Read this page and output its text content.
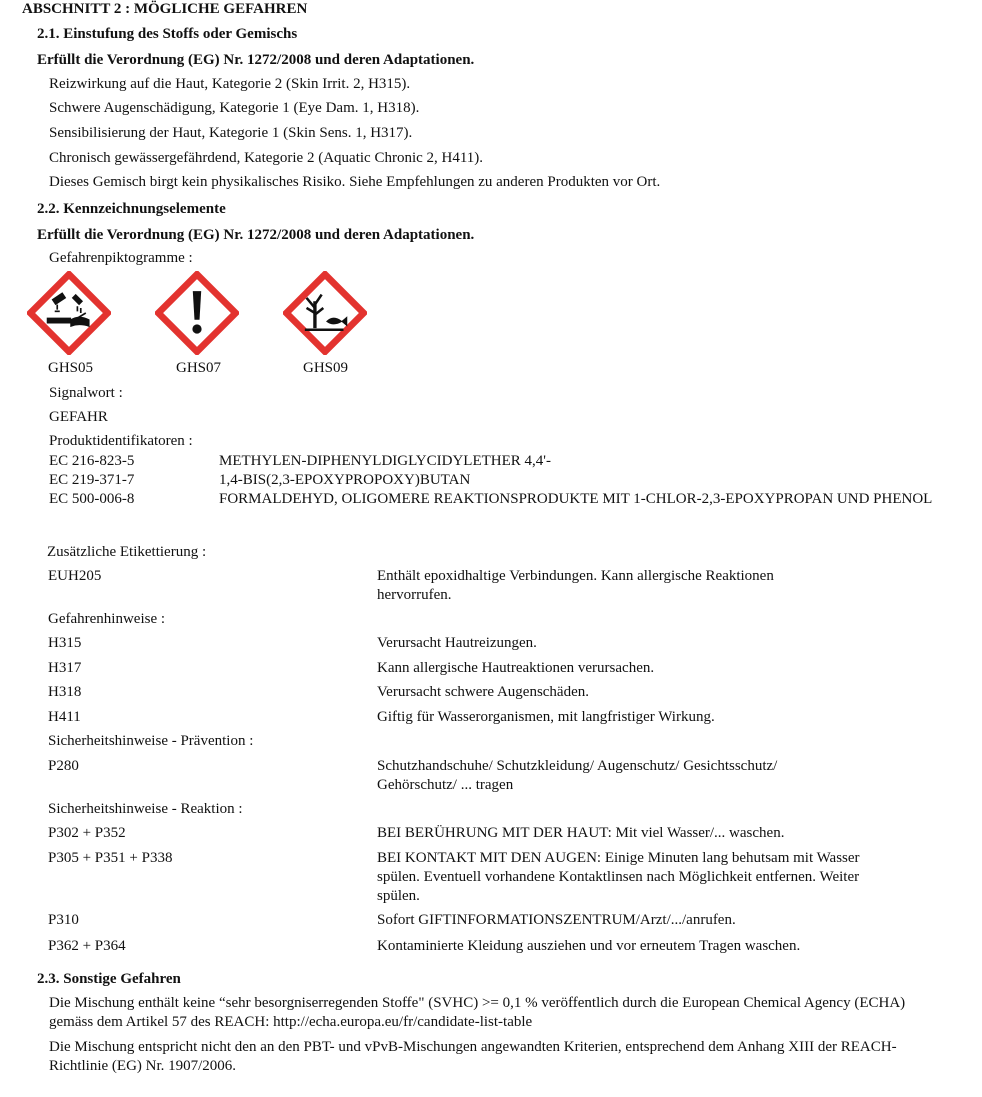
ABSCHNITT 2 : MÖGLICHE GEFAHREN
2.1. Einstufung des Stoffs oder Gemischs
Erfüllt die Verordnung (EG) Nr. 1272/2008 und deren Adaptationen.
Reizwirkung auf die Haut, Kategorie 2 (Skin Irrit. 2, H315).
Schwere Augenschädigung, Kategorie 1 (Eye Dam. 1, H318).
Sensibilisierung der Haut, Kategorie 1 (Skin Sens. 1, H317).
Chronisch gewässergefährdend, Kategorie 2 (Aquatic Chronic 2, H411).
Dieses Gemisch birgt kein physikalisches Risiko. Siehe Empfehlungen zu anderen Produkten vor Ort.
2.2. Kennzeichnungselemente
Erfüllt die Verordnung (EG) Nr. 1272/2008 und deren Adaptationen.
Gefahrenpiktogramme :
GHS05	GHS07	GHS09
Signalwort :
GEFAHR
Produktidentifikatoren :
EC 216-823-5	METHYLEN-DIPHENYLDIGLYCIDYLETHER 4,4'-
EC 219-371-7	1,4-BIS(2,3-EPOXYPROPOXY)BUTAN
EC 500-006-8	FORMALDEHYD, OLIGOMERE REAKTIONSPRODUKTE MIT 1-CHLOR-2,3-EPOXYPROPAN UND PHENOL
Zusätzliche Etikettierung :
EUH205	Enthält epoxidhaltige Verbindungen. Kann allergische Reaktionen hervorrufen.
Gefahrenhinweise :
H315	Verursacht Hautreizungen.
H317	Kann allergische Hautreaktionen verursachen.
H318	Verursacht schwere Augenschäden.
H411	Giftig für Wasserorganismen, mit langfristiger Wirkung.
Sicherheitshinweise - Prävention :
P280	Schutzhandschuhe/ Schutzkleidung/ Augenschutz/ Gesichtsschutz/ Gehörschutz/ ... tragen
Sicherheitshinweise - Reaktion :
P302 + P352	BEI BERÜHRUNG MIT DER HAUT: Mit viel Wasser/... waschen.
P305 + P351 + P338	BEI KONTAKT MIT DEN AUGEN: Einige Minuten lang behutsam mit Wasser spülen. Eventuell vorhandene Kontaktlinsen nach Möglichkeit entfernen. Weiter spülen.
P310	Sofort GIFTINFORMATIONSZENTRUM/Arzt/.../anrufen.
P362 + P364	Kontaminierte Kleidung ausziehen und vor erneutem Tragen waschen.
2.3. Sonstige Gefahren
Die Mischung enthält keine “sehr besorgniserregenden Stoffe" (SVHC) >= 0,1 % veröffentlich durch die European Chemical Agency (ECHA) gemäss dem Artikel 57 des REACH: http://echa.europa.eu/fr/candidate-list-table
Die Mischung entspricht nicht den an den PBT- und vPvB-Mischungen angewandten Kriterien, entsprechend dem Anhang XIII der REACH-Richtlinie (EG) Nr. 1907/2006.
